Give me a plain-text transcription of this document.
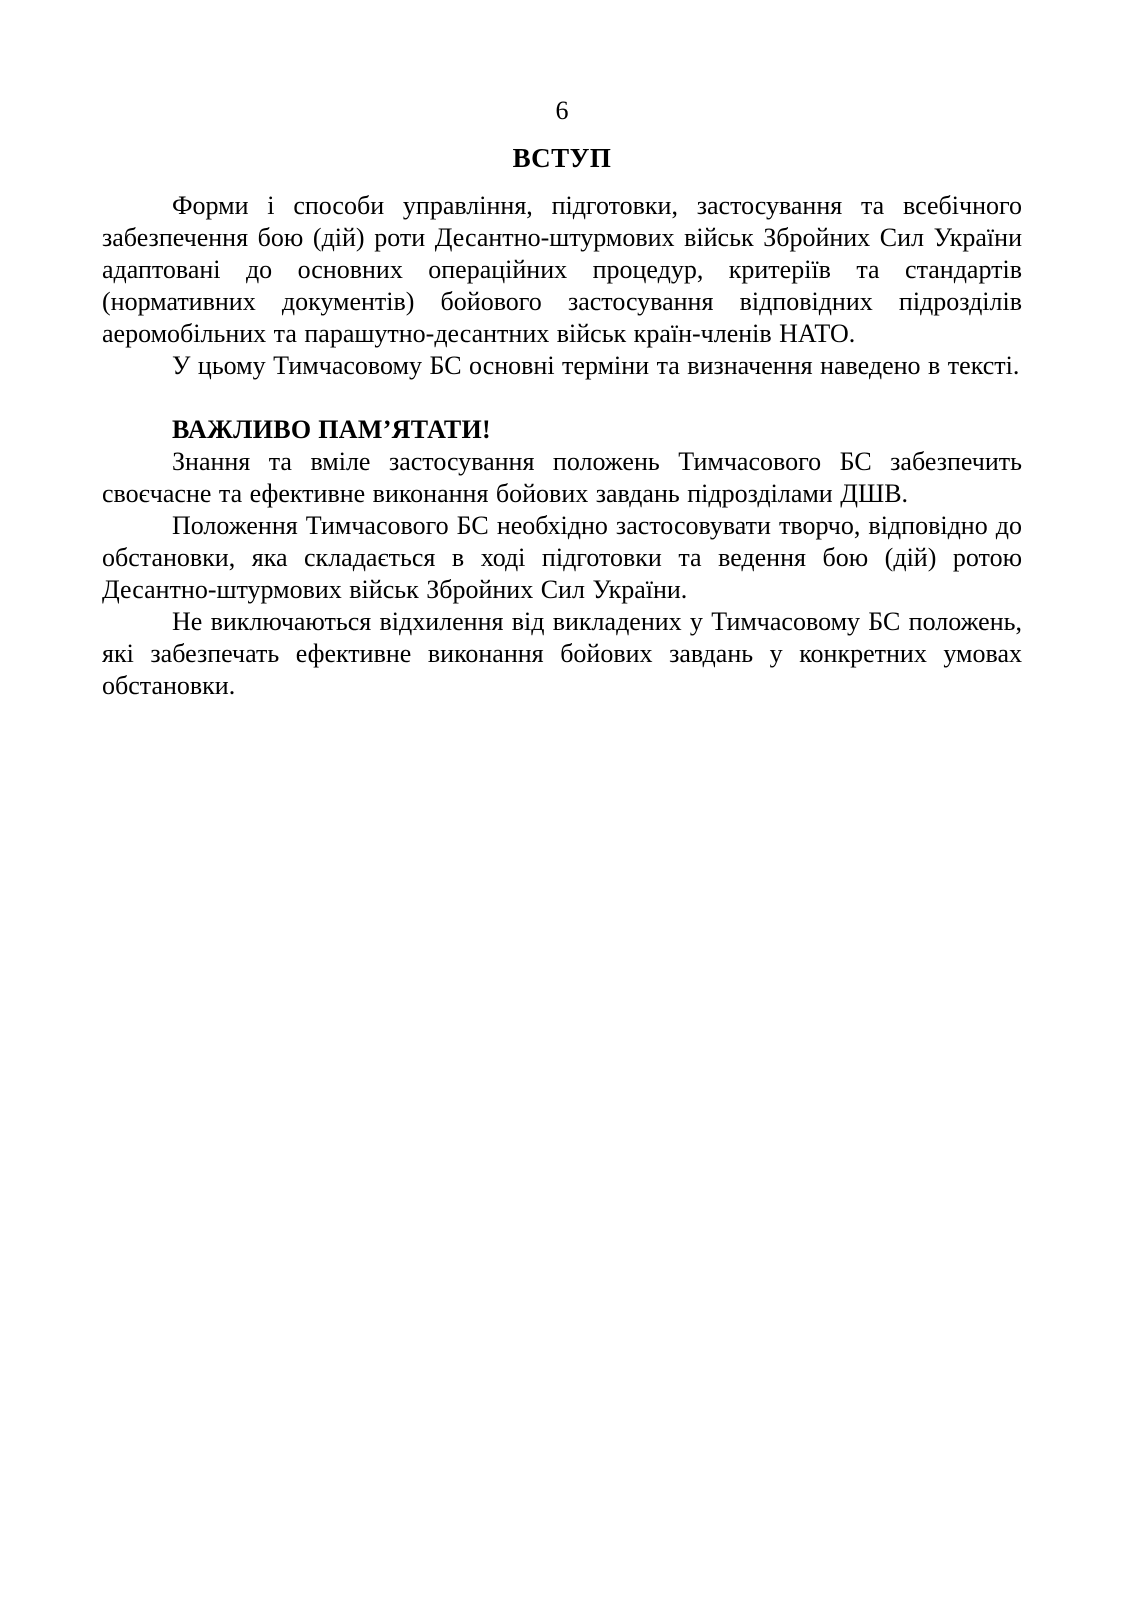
6
ВСТУП

Форми і способи управління, підготовки, застосування та всебічного забезпечення бою (дій) роти Десантно-штурмових військ Збройних Сил України адаптовані до основних операційних процедур, критеріїв та стандартів (нормативних документів) бойового застосування відповідних підрозділів аеромобільних та парашутно-десантних військ країн-членів НАТО.

У цьому Тимчасовому БС основні терміни та визначення наведено в тексті.

ВАЖЛИВО ПАМ’ЯТАТИ!

Знання та вміле застосування положень Тимчасового БС забезпечить своєчасне та ефективне виконання бойових завдань підрозділами ДШВ.

Положення Тимчасового БС необхідно застосовувати творчо, відповідно до обстановки, яка складається в ході підготовки та ведення бою (дій) ротою Десантно-штурмових військ Збройних Сил України.

Не виключаються відхилення від викладених у Тимчасовому БС положень, які забезпечать ефективне виконання бойових завдань у конкретних умовах обстановки.
